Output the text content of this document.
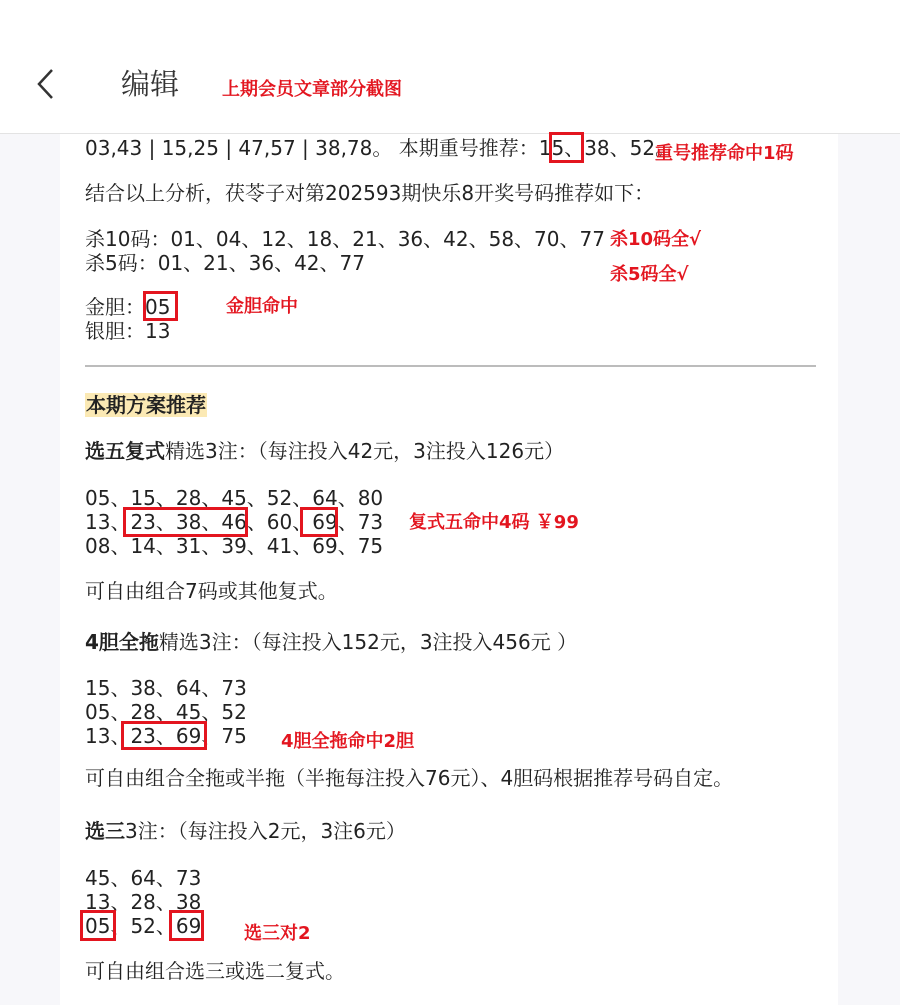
编辑 上期会员文章部分截图
03,43 | 15,25 | 47,57 | 38,78。 本期重号推荐：15、38、52。
重号推荐命中1码
结合以上分析，茯苓子对第202593期快乐8开奖号码推荐如下：
杀10码：01、04、12、18、21、36、42、58、70、77 杀10码全√
杀5码：01、21、36、42、77	杀5码全√
金胆：05	金胆命中
银胆：13
本期方案推荐
选五复式精选3注：（每注投入42元，3注投入126元）
05、15、28、45、52、64、80
13、23、38、46、60、69、73
08、14、31、39、41、69、75
复式五命中4码 ￥99
可自由组合7码或其他复式。
4胆全拖精选3注：（每注投入152元，3注投入456元 ）
15、38、64、73
05、28、45、52
13、23、69、75 4胆全拖命中2胆
可自由组合全拖或半拖（半拖每注投入76元）、4胆码根据推荐号码自定。
选三3注：（每注投入2元，3注6元）
45、64、73
13、28、38
05、52、69 选三对2
可自由组合选三或选二复式。
